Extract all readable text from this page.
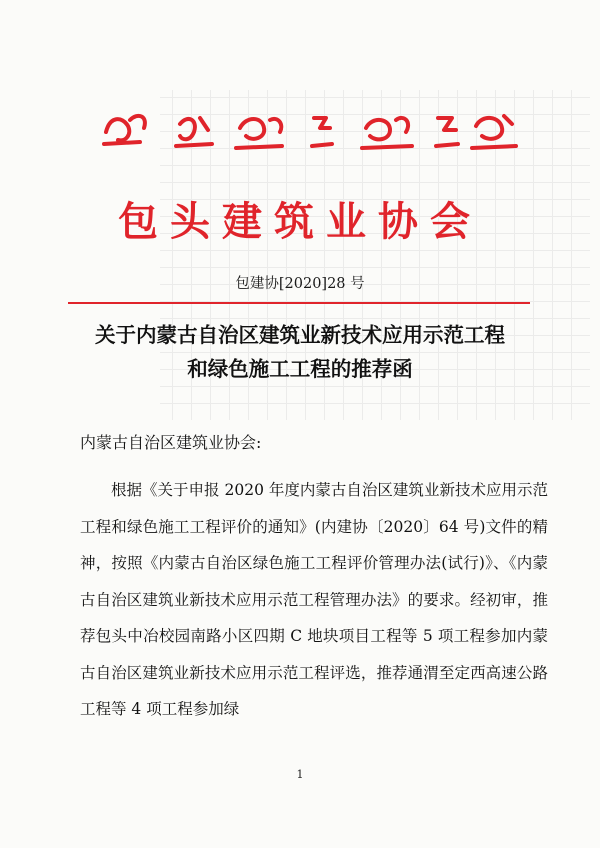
包头建筑业协会
包建协[2020]28 号
关于内蒙古自治区建筑业新技术应用示范工程
和绿色施工工程的推荐函
内蒙古自治区建筑业协会:
根据《关于申报 2020 年度内蒙古自治区建筑业新技术应用示范工程和绿色施工工程评价的通知》(内建协〔2020〕64 号)文件的精神，按照《内蒙古自治区绿色施工工程评价管理办法(试行)》、《内蒙古自治区建筑业新技术应用示范工程管理办法》的要求。经初审，推荐包头中冶校园南路小区四期 C 地块项目工程等 5 项工程参加内蒙古自治区建筑业新技术应用示范工程评选，推荐通渭至定西高速公路工程等 4 项工程参加绿
1
